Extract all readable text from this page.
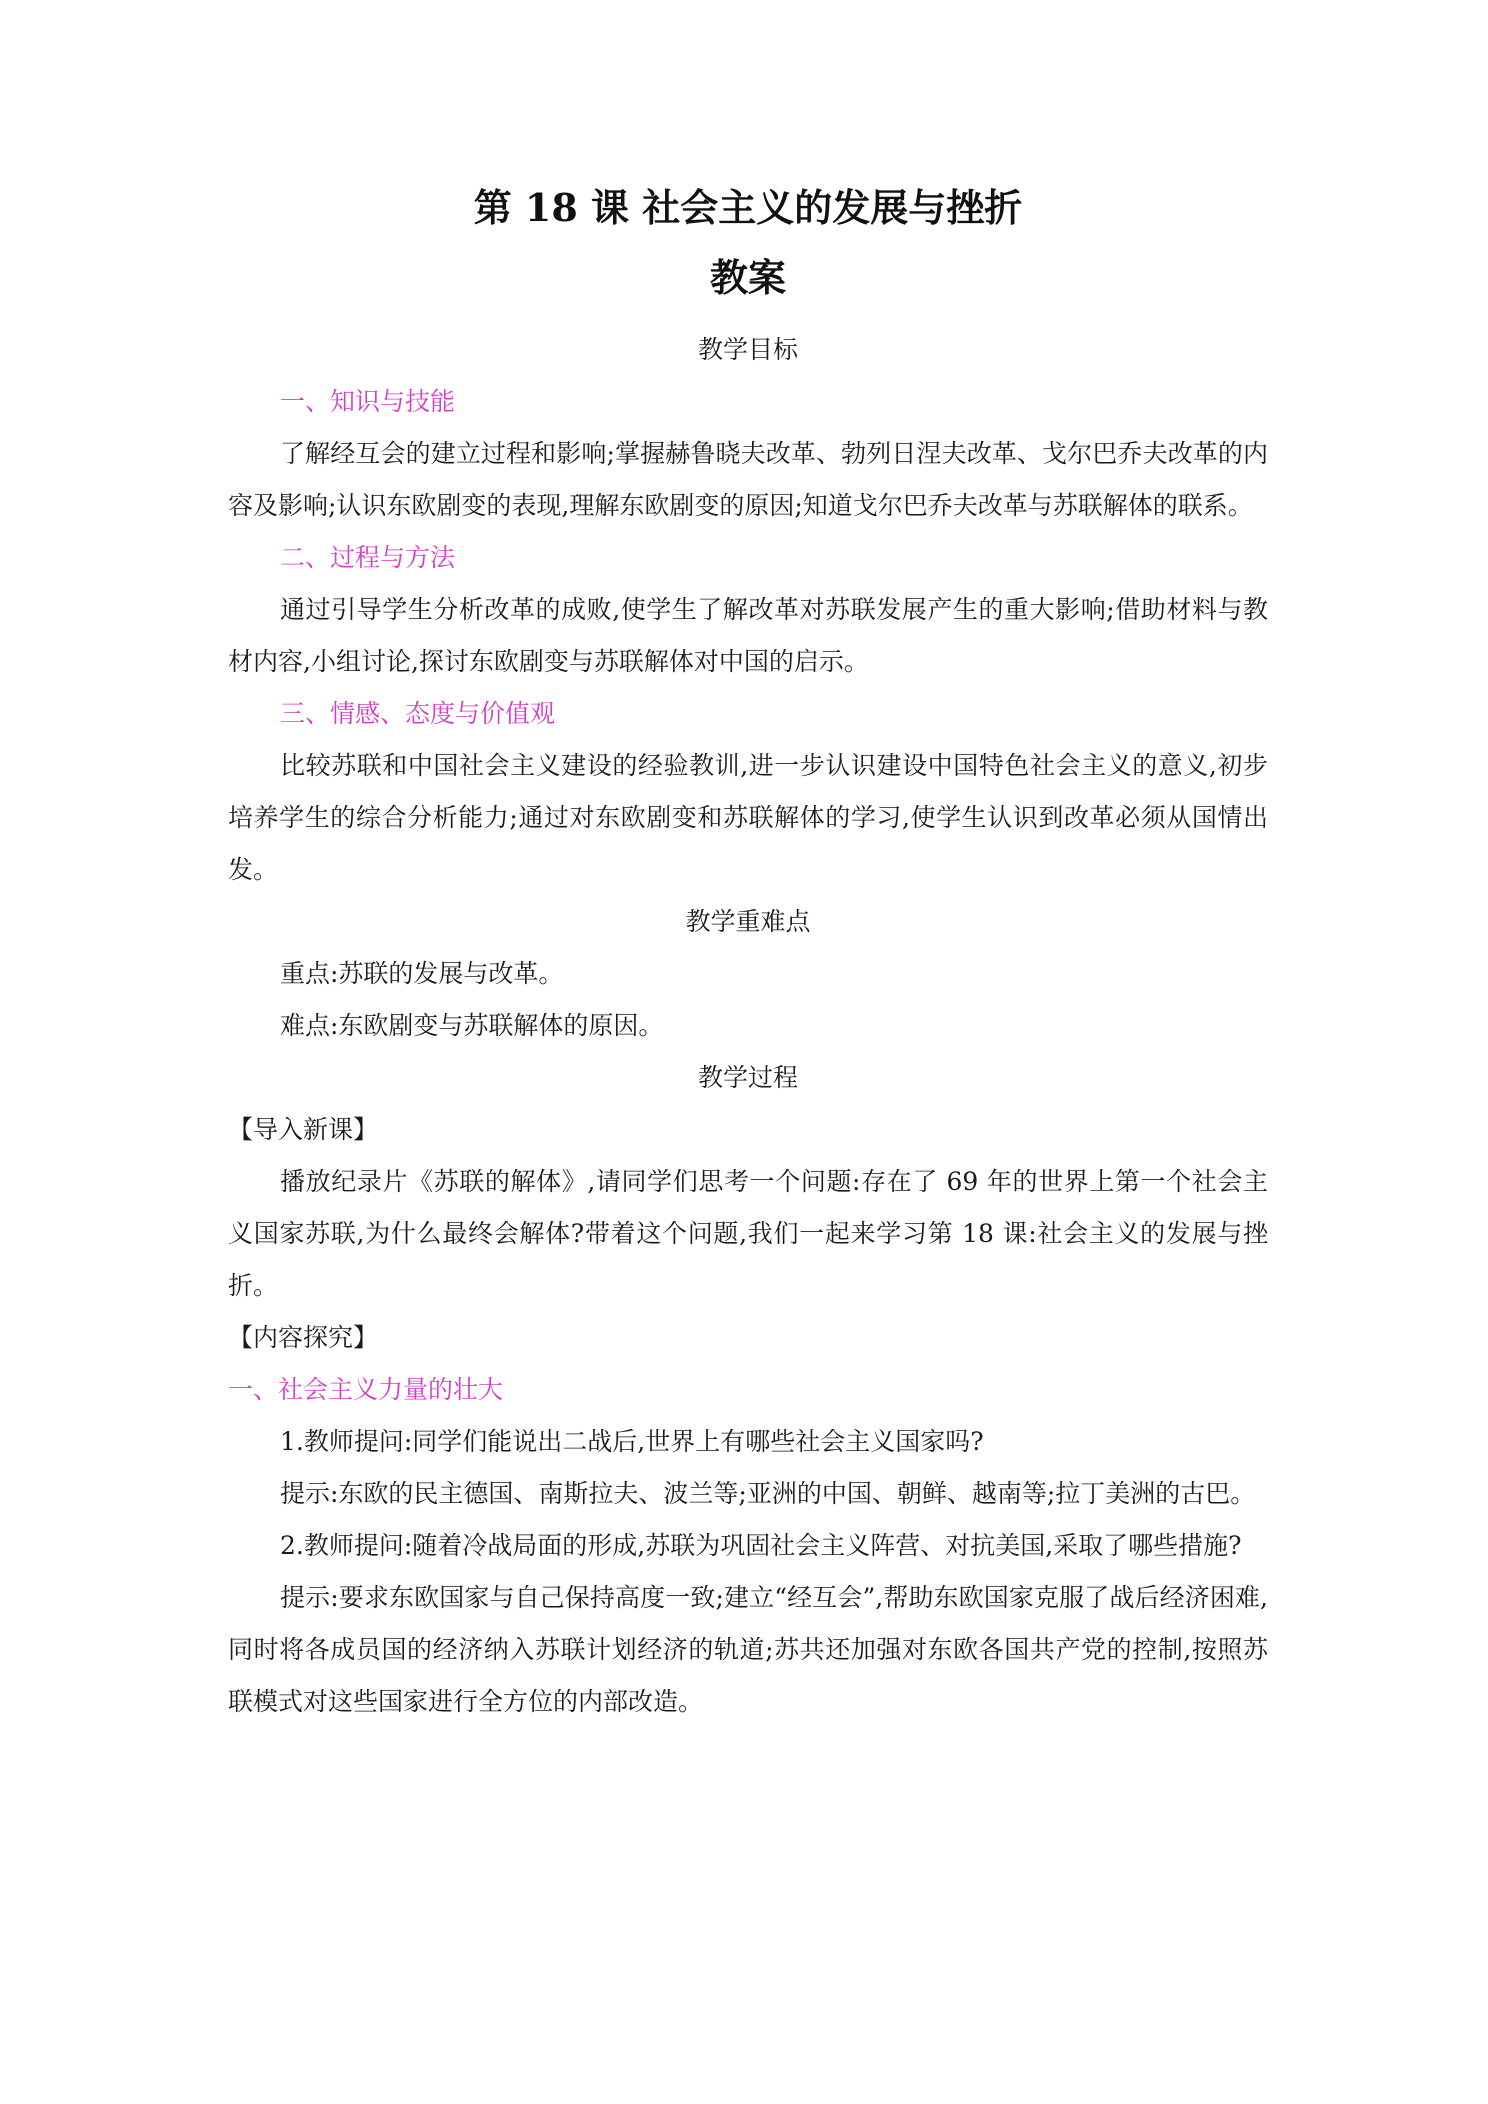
第 18 课 社会主义的发展与挫折
教案

教学目标

一、知识与技能

了解经互会的建立过程和影响;掌握赫鲁晓夫改革、勃列日涅夫改革、戈尔巴乔夫改革的内容及影响;认识东欧剧变的表现,理解东欧剧变的原因;知道戈尔巴乔夫改革与苏联解体的联系。

二、过程与方法

通过引导学生分析改革的成败,使学生了解改革对苏联发展产生的重大影响;借助材料与教材内容,小组讨论,探讨东欧剧变与苏联解体对中国的启示。

三、情感、态度与价值观

比较苏联和中国社会主义建设的经验教训,进一步认识建设中国特色社会主义的意义,初步培养学生的综合分析能力;通过对东欧剧变和苏联解体的学习,使学生认识到改革必须从国情出发。

教学重难点

重点:苏联的发展与改革。

难点:东欧剧变与苏联解体的原因。

教学过程

【导入新课】

播放纪录片《苏联的解体》,请同学们思考一个问题:存在了 69 年的世界上第一个社会主义国家苏联,为什么最终会解体?带着这个问题,我们一起来学习第 18 课:社会主义的发展与挫折。

【内容探究】

一、社会主义力量的壮大

1.教师提问:同学们能说出二战后,世界上有哪些社会主义国家吗?

提示:东欧的民主德国、南斯拉夫、波兰等;亚洲的中国、朝鲜、越南等;拉丁美洲的古巴。

2.教师提问:随着冷战局面的形成,苏联为巩固社会主义阵营、对抗美国,采取了哪些措施?

提示:要求东欧国家与自己保持高度一致;建立“经互会”,帮助东欧国家克服了战后经济困难,同时将各成员国的经济纳入苏联计划经济的轨道;苏共还加强对东欧各国共产党的控制,按照苏联模式对这些国家进行全方位的内部改造。
